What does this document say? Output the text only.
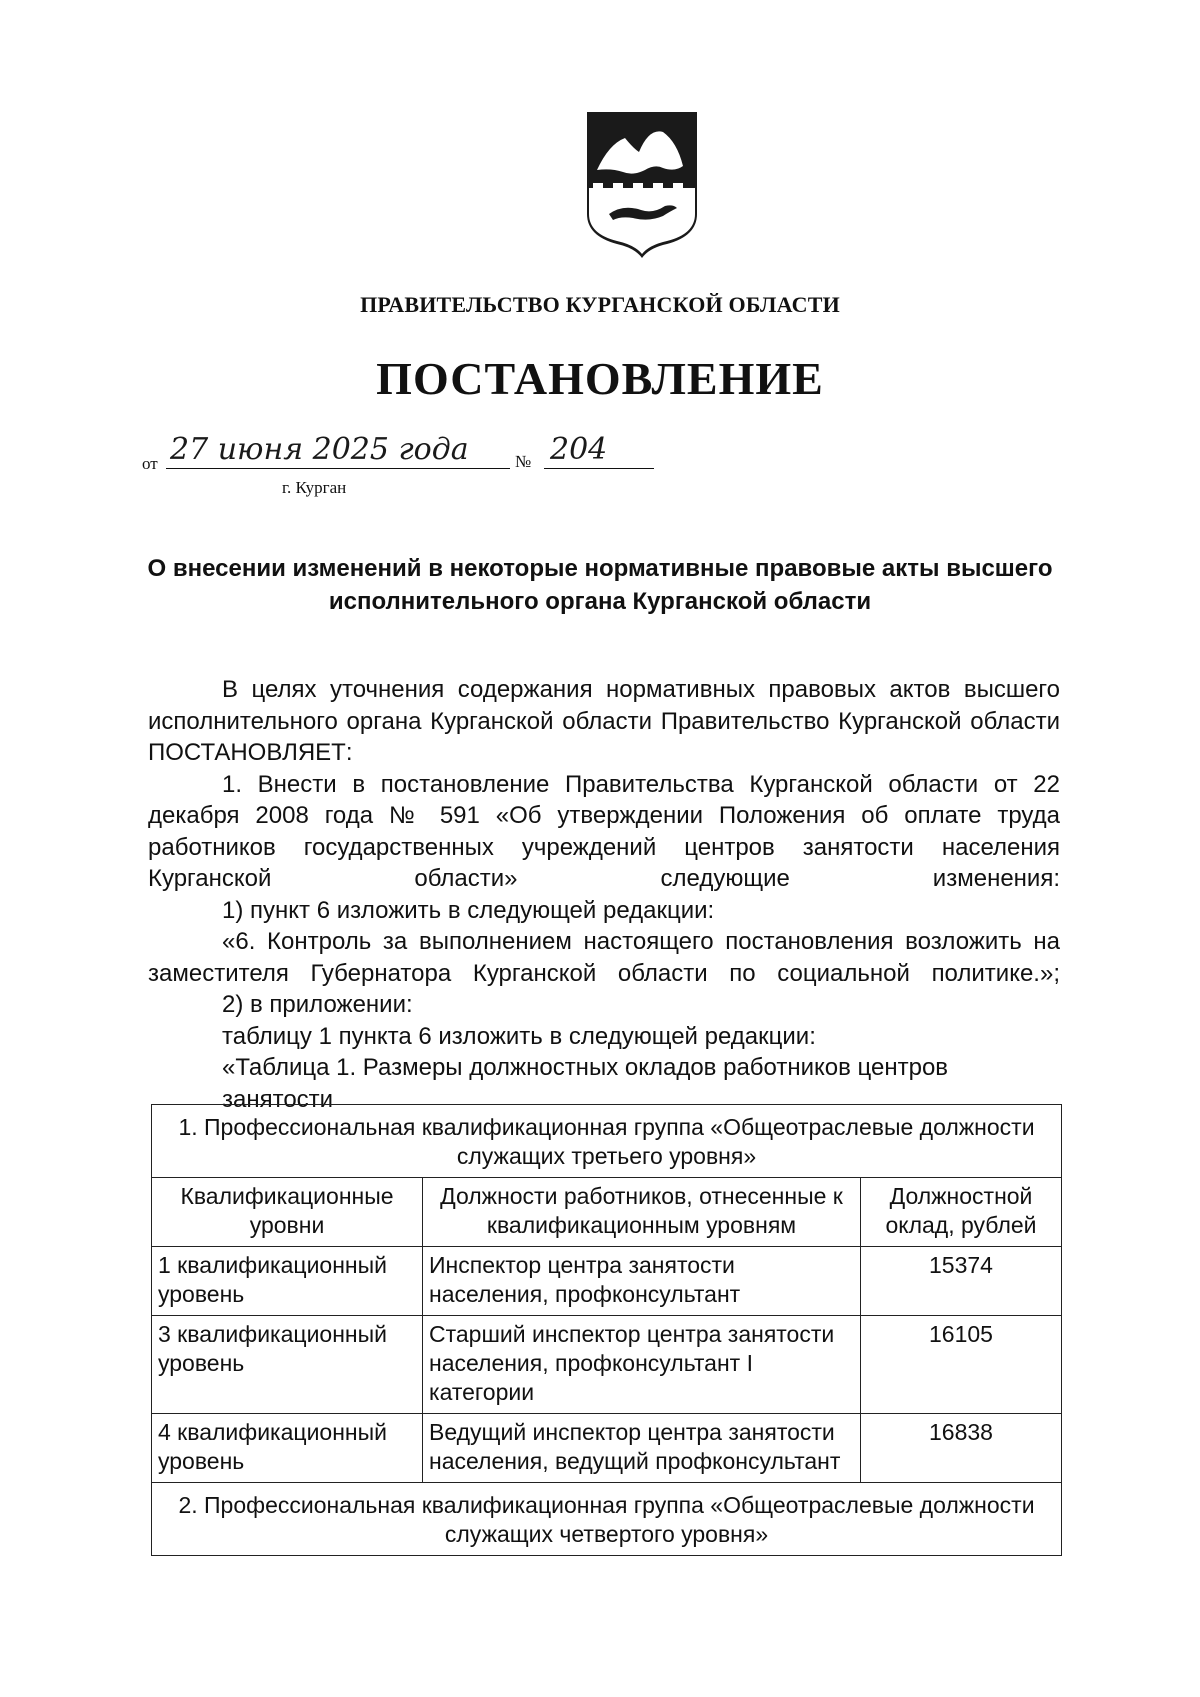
ПРАВИТЕЛЬСТВО КУРГАНСКОЙ ОБЛАСТИ
ПОСТАНОВЛЕНИЕ
от 27 июня 2025 года	№ 204
г. Курган
О внесении изменений в некоторые нормативные правовые акты высшего исполнительного органа Курганской области

В целях уточнения содержания нормативных правовых актов высшего исполнительного органа Курганской области Правительство Курганской области ПОСТАНОВЛЯЕТ:

1. Внести в постановление Правительства Курганской области от 22 декабря 2008 года № 591 «Об утверждении Положения об оплате труда работников государственных учреждений центров занятости населения Курганской области» следующие изменения:

1) пункт 6 изложить в следующей редакции:

«6. Контроль за выполнением настоящего постановления возложить на заместителя Губернатора Курганской области по социальной политике.»;

2) в приложении:

таблицу 1 пункта 6 изложить в следующей редакции:

«Таблица 1. Размеры должностных окладов работников центров занятости

1. Профессиональная квалификационная группа «Общеотраслевые должности служащих третьего уровня»		
Квалификационные уровни	Должности работников, отнесенные к квалификационным уровням	Должностной оклад, рублей
1 квалификационный уровень	Инспектор центра занятости населения, профконсультант	15374
3 квалификационный уровень	Старший инспектор центра занятости населения, профконсультант I категории	16105
4 квалификационный уровень	Ведущий инспектор центра занятости населения, ведущий профконсультант	16838
2. Профессиональная квалификационная группа «Общеотраслевые должности служащих четвертого уровня»		
